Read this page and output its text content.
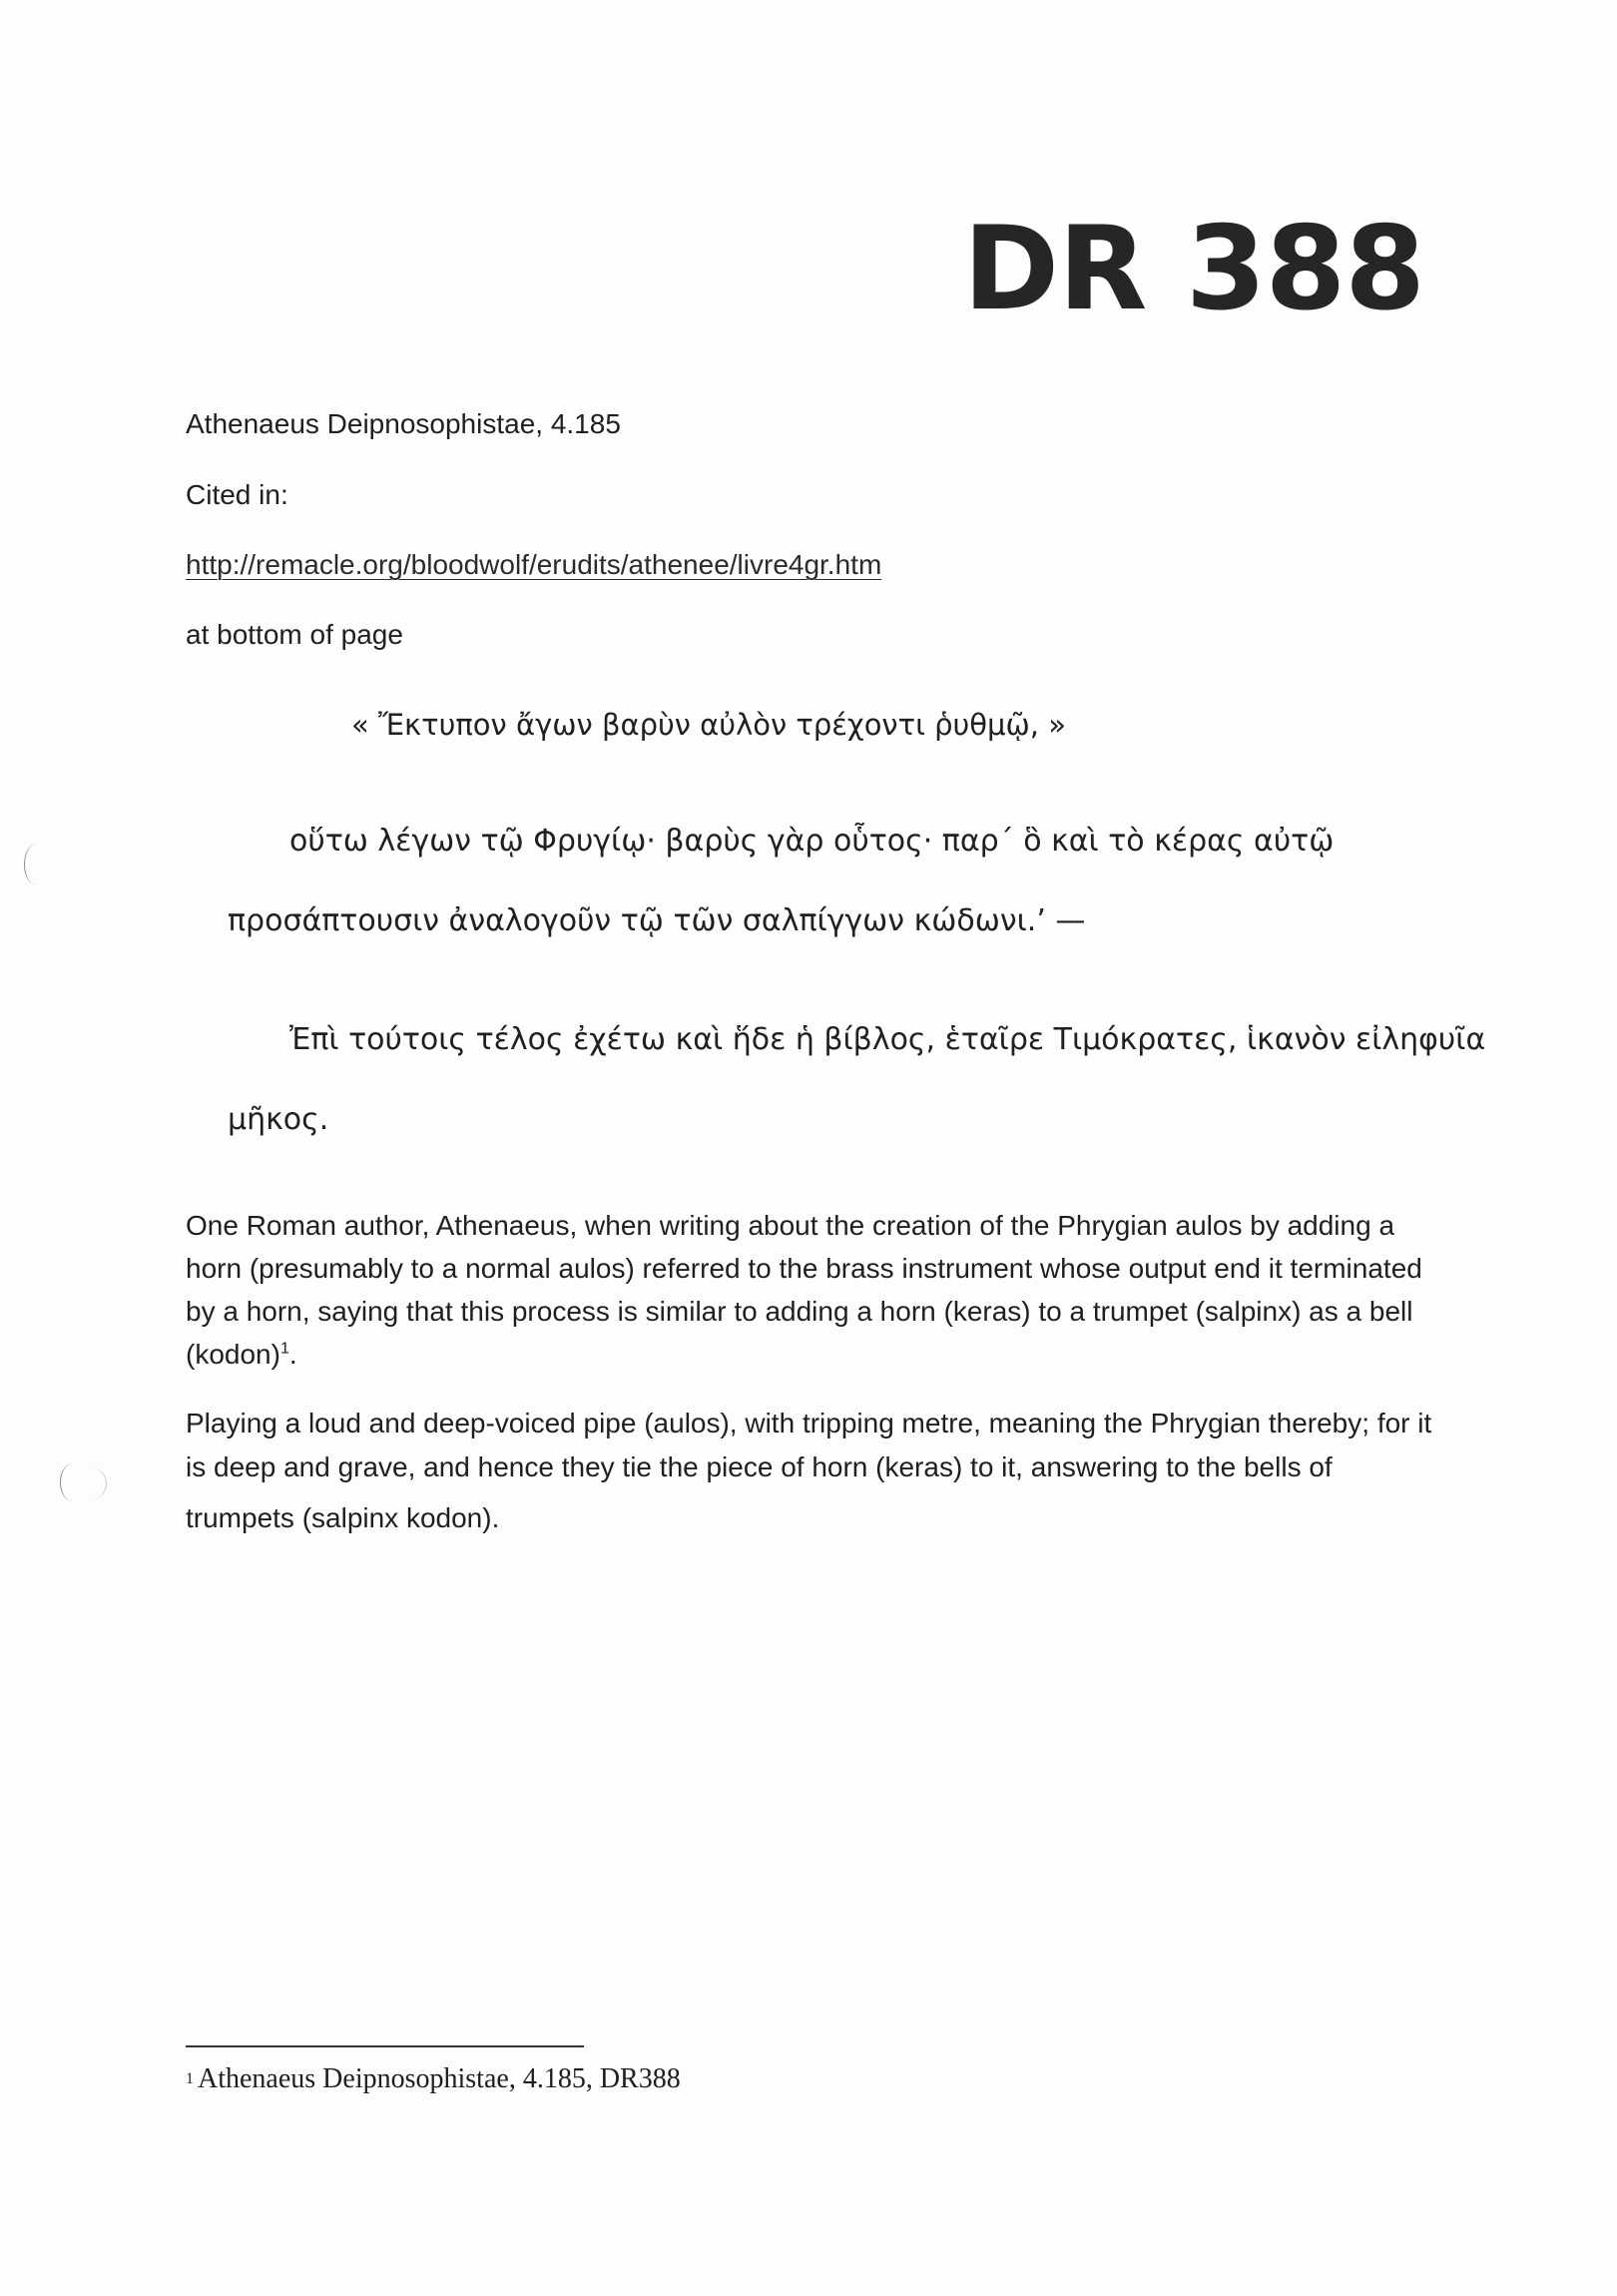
DR 388
Athenaeus Deipnosophistae, 4.185
Cited in:
http://remacle.org/bloodwolf/erudits/athenee/livre4gr.htm
at bottom of page
« Ἔκτυπον ἄγων βαρὺν αὐλὸν τρέχοντι ῥυθμῷ, »
οὕτω λέγων τῷ Φρυγίῳ· βαρὺς γὰρ οὗτος· παρ´ ὃ καὶ τὸ κέρας αὐτῷ
προσάπτουσιν ἀναλογοῦν τῷ τῶν σαλπίγγων κώδωνι.’ —
Ἐπὶ τούτοις τέλος ἐχέτω καὶ ἥδε ἡ βίβλος, ἑταῖρε Τιμόκρατες, ἱκανὸν εἰληφυῖα
μῆκος.
One Roman author, Athenaeus, when writing about the creation of the Phrygian aulos by adding a horn (presumably to a normal aulos) referred to the brass instrument whose output end it terminated by a horn, saying that this process is similar to adding a horn (keras) to a trumpet (salpinx) as a bell (kodon)$^1$.
Playing a loud and deep-voiced pipe (aulos), with tripping metre, meaning the Phrygian thereby; for it is deep and grave, and hence they tie the piece of horn (keras) to it, answering to the bells of
trumpets (salpinx kodon).
1 Athenaeus Deipnosophistae, 4.185, DR388
